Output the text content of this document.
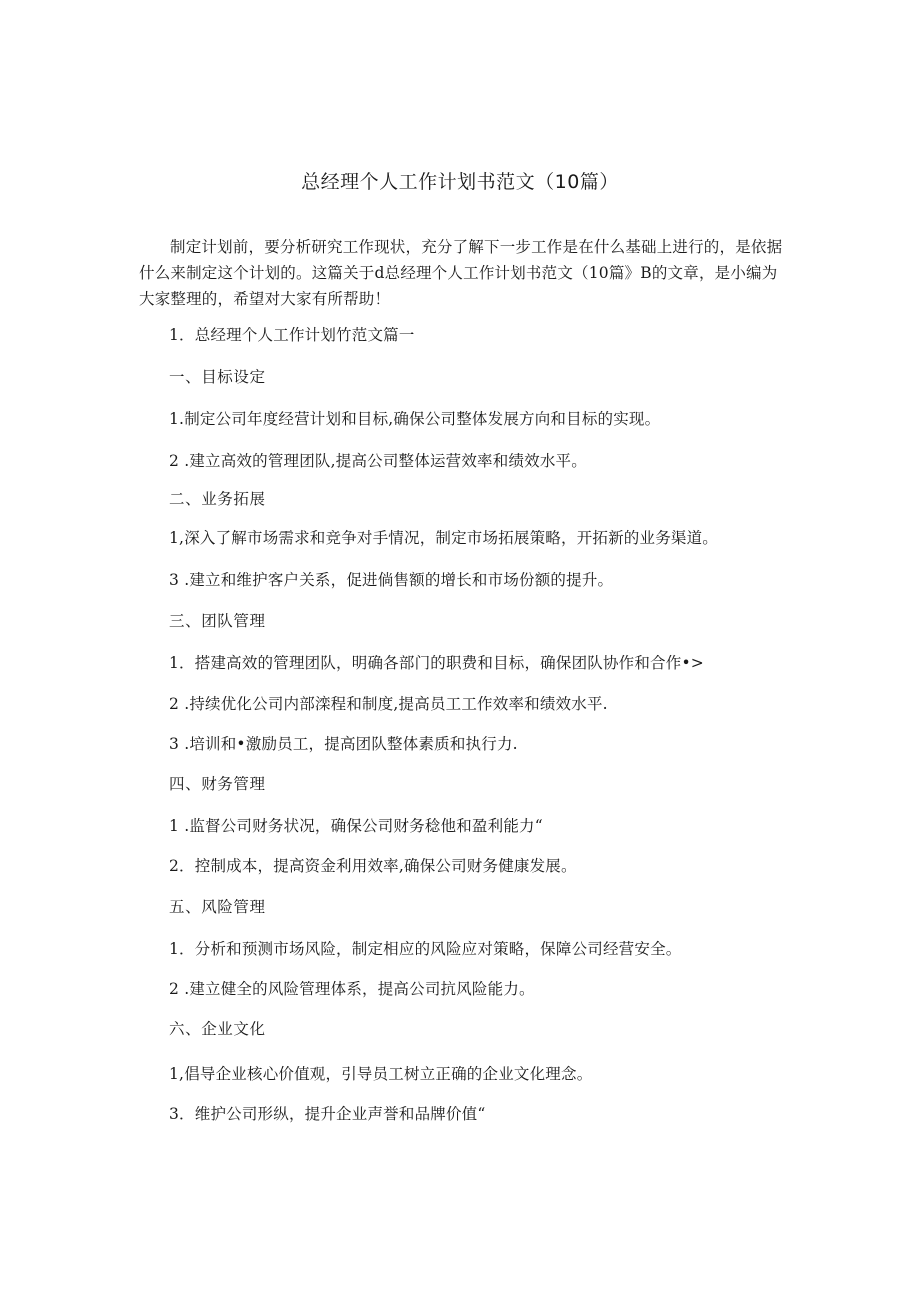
总经理个人工作计划书范文（10篇）

制定计划前，要分析研究工作现状，充分了解下一步工作是在什么基础上进行的，是依据什么来制定这个计划的。这篇关于d总经理个人工作计划书范文（10篇》B的文章，是小编为大家整理的，希望对大家有所帮助！

1．总经理个人工作计划竹范文篇一

一、目标设定

1.制定公司年度经营计划和目标,确保公司整体发展方向和目标的实现。

2 .建立高效的管理团队,提高公司整体运营效率和绩效水平。

二、业务拓展

1,深入了解市场需求和竞争对手情况，制定市场拓展策略，开拓新的业务渠道。

3 .建立和维护客户关系，促进倘售额的增长和市场份额的提升。

三、团队管理

1．搭建高效的管理团队，明确各部门的职费和目标，确保团队协作和合作•>

2 .持续优化公司内部滦程和制度,提高员工工作效率和绩效水平.

3 .培训和•激励员工，提高团队整体素质和执行力.

四、财务管理

1 .监督公司财务状况，确保公司财务稔他和盈利能力“

2．控制成本，提高资金利用效率,确保公司财务健康发展。

五、风险管理

1．分析和预测市场风险，制定相应的风险应对策略，保障公司经营安全。

2 .建立健全的风险管理体系，提高公司抗风险能力。

六、企业文化

1,倡导企业核心价值观，引导员工树立正确的企业文化理念。

3．维护公司形纵，提升企业声誉和品牌价值“
